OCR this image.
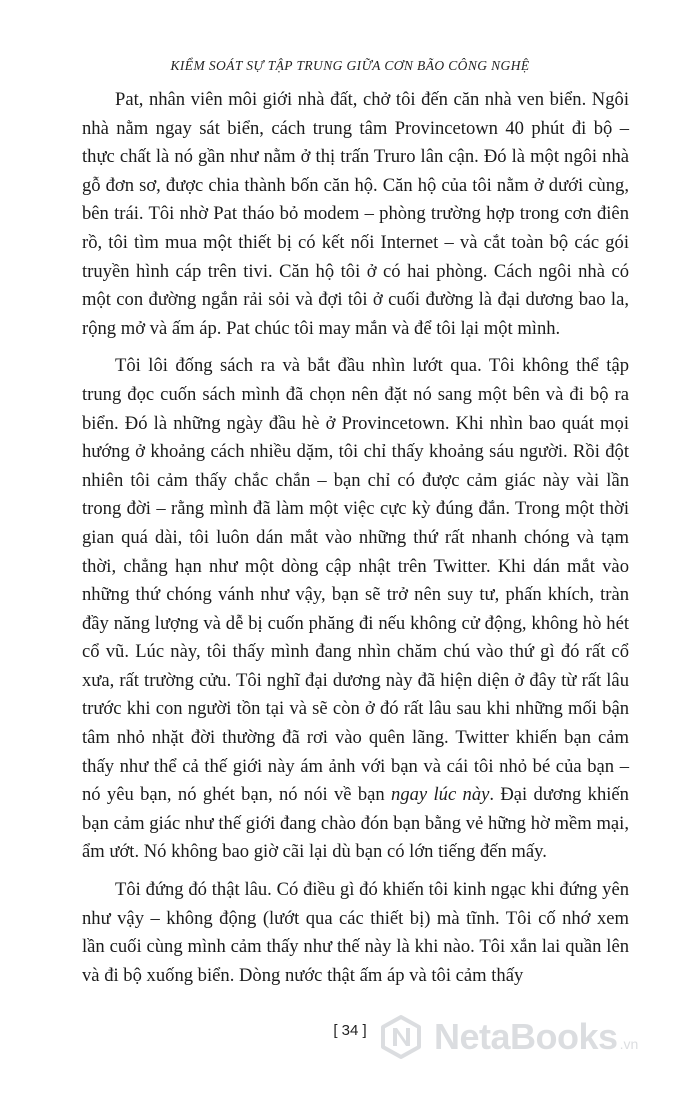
KIỂM SOÁT SỰ TẬP TRUNG GIỮA CƠN BÃO CÔNG NGHỆ

Pat, nhân viên môi giới nhà đất, chở tôi đến căn nhà ven biển. Ngôi nhà nằm ngay sát biển, cách trung tâm Provincetown 40 phút đi bộ – thực chất là nó gần như nằm ở thị trấn Truro lân cận. Đó là một ngôi nhà gỗ đơn sơ, được chia thành bốn căn hộ. Căn hộ của tôi nằm ở dưới cùng, bên trái. Tôi nhờ Pat tháo bỏ modem – phòng trường hợp trong cơn điên rồ, tôi tìm mua một thiết bị có kết nối Internet – và cắt toàn bộ các gói truyền hình cáp trên tivi. Căn hộ tôi ở có hai phòng. Cách ngôi nhà có một con đường ngắn rải sỏi và đợi tôi ở cuối đường là đại dương bao la, rộng mở và ấm áp. Pat chúc tôi may mắn và để tôi lại một mình.

Tôi lôi đống sách ra và bắt đầu nhìn lướt qua. Tôi không thể tập trung đọc cuốn sách mình đã chọn nên đặt nó sang một bên và đi bộ ra biển. Đó là những ngày đầu hè ở Provincetown. Khi nhìn bao quát mọi hướng ở khoảng cách nhiều dặm, tôi chỉ thấy khoảng sáu người. Rồi đột nhiên tôi cảm thấy chắc chắn – bạn chỉ có được cảm giác này vài lần trong đời – rằng mình đã làm một việc cực kỳ đúng đắn. Trong một thời gian quá dài, tôi luôn dán mắt vào những thứ rất nhanh chóng và tạm thời, chẳng hạn như một dòng cập nhật trên Twitter. Khi dán mắt vào những thứ chóng vánh như vậy, bạn sẽ trở nên suy tư, phấn khích, tràn đầy năng lượng và dễ bị cuốn phăng đi nếu không cử động, không hò hét cổ vũ. Lúc này, tôi thấy mình đang nhìn chăm chú vào thứ gì đó rất cổ xưa, rất trường cửu. Tôi nghĩ đại dương này đã hiện diện ở đây từ rất lâu trước khi con người tồn tại và sẽ còn ở đó rất lâu sau khi những mối bận tâm nhỏ nhặt đời thường đã rơi vào quên lãng. Twitter khiến bạn cảm thấy như thể cả thế giới này ám ảnh với bạn và cái tôi nhỏ bé của bạn – nó yêu bạn, nó ghét bạn, nó nói về bạn ngay lúc này. Đại dương khiến bạn cảm giác như thế giới đang chào đón bạn bằng vẻ hững hờ mềm mại, ẩm ướt. Nó không bao giờ cãi lại dù bạn có lớn tiếng đến mấy.

Tôi đứng đó thật lâu. Có điều gì đó khiến tôi kinh ngạc khi đứng yên như vậy – không động (lướt qua các thiết bị) mà tĩnh. Tôi cố nhớ xem lần cuối cùng mình cảm thấy như thế này là khi nào. Tôi xắn lai quần lên và đi bộ xuống biển. Dòng nước thật ấm áp và tôi cảm thấy

[ 34 ]	NetaBooks .vn
